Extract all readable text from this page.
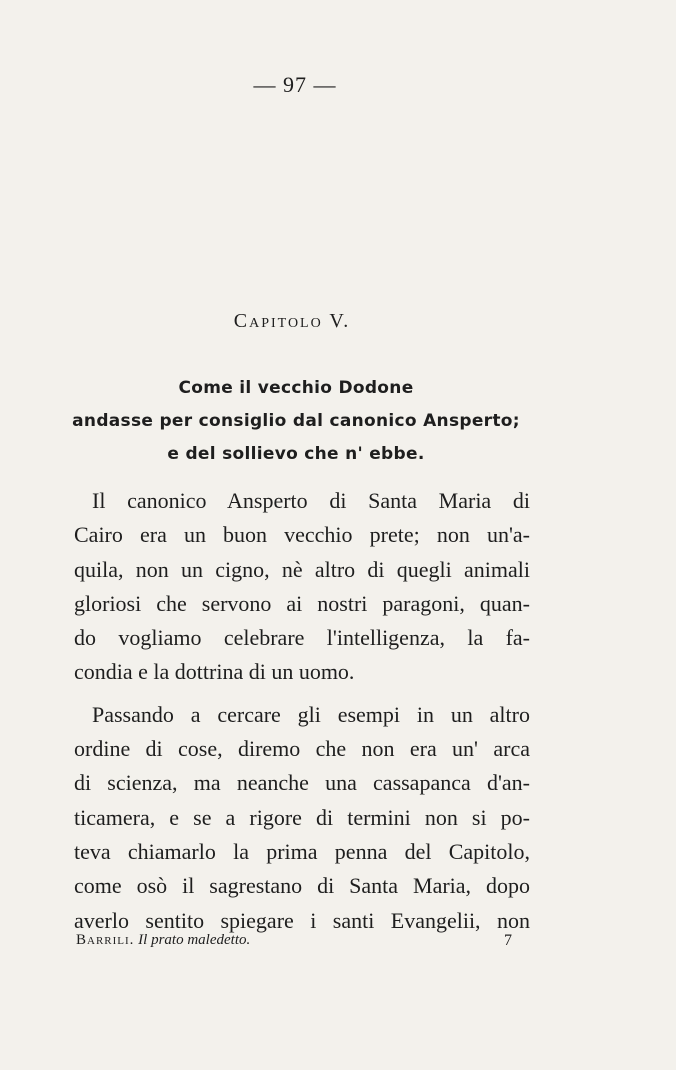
— 97 —
Capitolo V.
Come il vecchio Dodone
andasse per consiglio dal canonico Ansperto;
e del sollievo che n' ebbe.
Il canonico Ansperto di Santa Maria di
Cairo era un buon vecchio prete; non un'a-
quila, non un cigno, nè altro di quegli animali
gloriosi che servono ai nostri paragoni, quan-
do vogliamo celebrare l'intelligenza, la fa-
condia e la dottrina di un uomo.
Passando a cercare gli esempi in un altro
ordine di cose, diremo che non era un' arca
di scienza, ma neanche una cassapanca d'an-
ticamera, e se a rigore di termini non si po-
teva chiamarlo la prima penna del Capitolo,
come osò il sagrestano di Santa Maria, dopo
averlo sentito spiegare i santi Evangelii, non
Barrili. Il prato maledetto.	7
